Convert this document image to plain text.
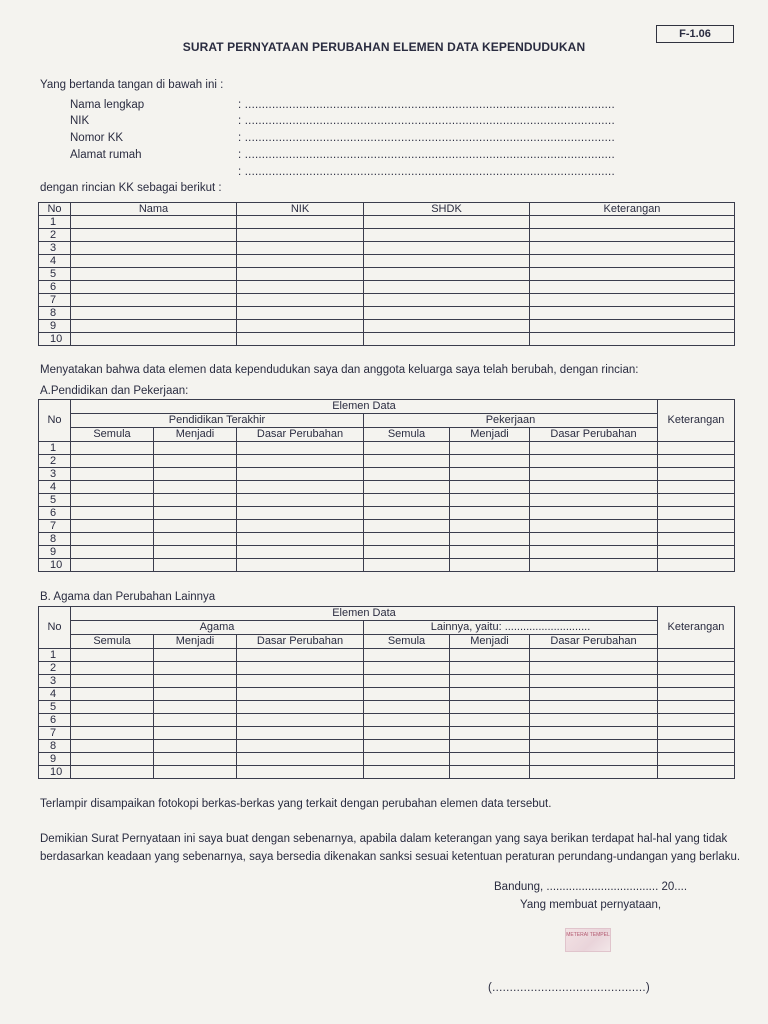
F-1.06
SURAT PERNYATAAN PERUBAHAN ELEMEN DATA KEPENDUDUKAN
Yang bertanda tangan di bawah ini :
Nama lengkap	: .............................................................................................................
NIK	: .............................................................................................................
Nomor KK	: .............................................................................................................
Alamat rumah	: .............................................................................................................
: .............................................................................................................
dengan rincian KK sebagai berikut :
No	Nama	NIK	SHDK	Keterangan
1				
2				
3				
4				
5				
6				
7				
8				
9				
10				
Menyatakan bahwa data elemen data kependudukan saya dan anggota keluarga saya telah berubah, dengan rincian:
A.Pendidikan dan Pekerjaan:
No	Elemen Data						Keterangan
	Pendidikan Terakhir			Pekerjaan			
	Semula	Menjadi	Dasar Perubahan	Semula	Menjadi	Dasar Perubahan	
1							
2							
3							
4							
5							
6							
7							
8							
9							
10							
B. Agama dan Perubahan Lainnya
No	Elemen Data						Keterangan
	Agama			Lainnya, yaitu: ............................			
	Semula	Menjadi	Dasar Perubahan	Semula	Menjadi	Dasar Perubahan	
1							
2							
3							
4							
5							
6							
7							
8							
9							
10							
Terlampir disampaikan fotokopi berkas-berkas yang terkait dengan perubahan elemen data tersebut.
Demikian Surat Pernyataan ini saya buat dengan sebenarnya, apabila dalam keterangan yang saya berikan terdapat hal-hal yang tidak
berdasarkan keadaan yang sebenarnya, saya bersedia dikenakan sanksi sesuai ketentuan peraturan perundang-undangan yang berlaku.
Bandung, ................................... 20....
Yang membuat pernyataan,
METERAI TEMPEL
(............................................)
